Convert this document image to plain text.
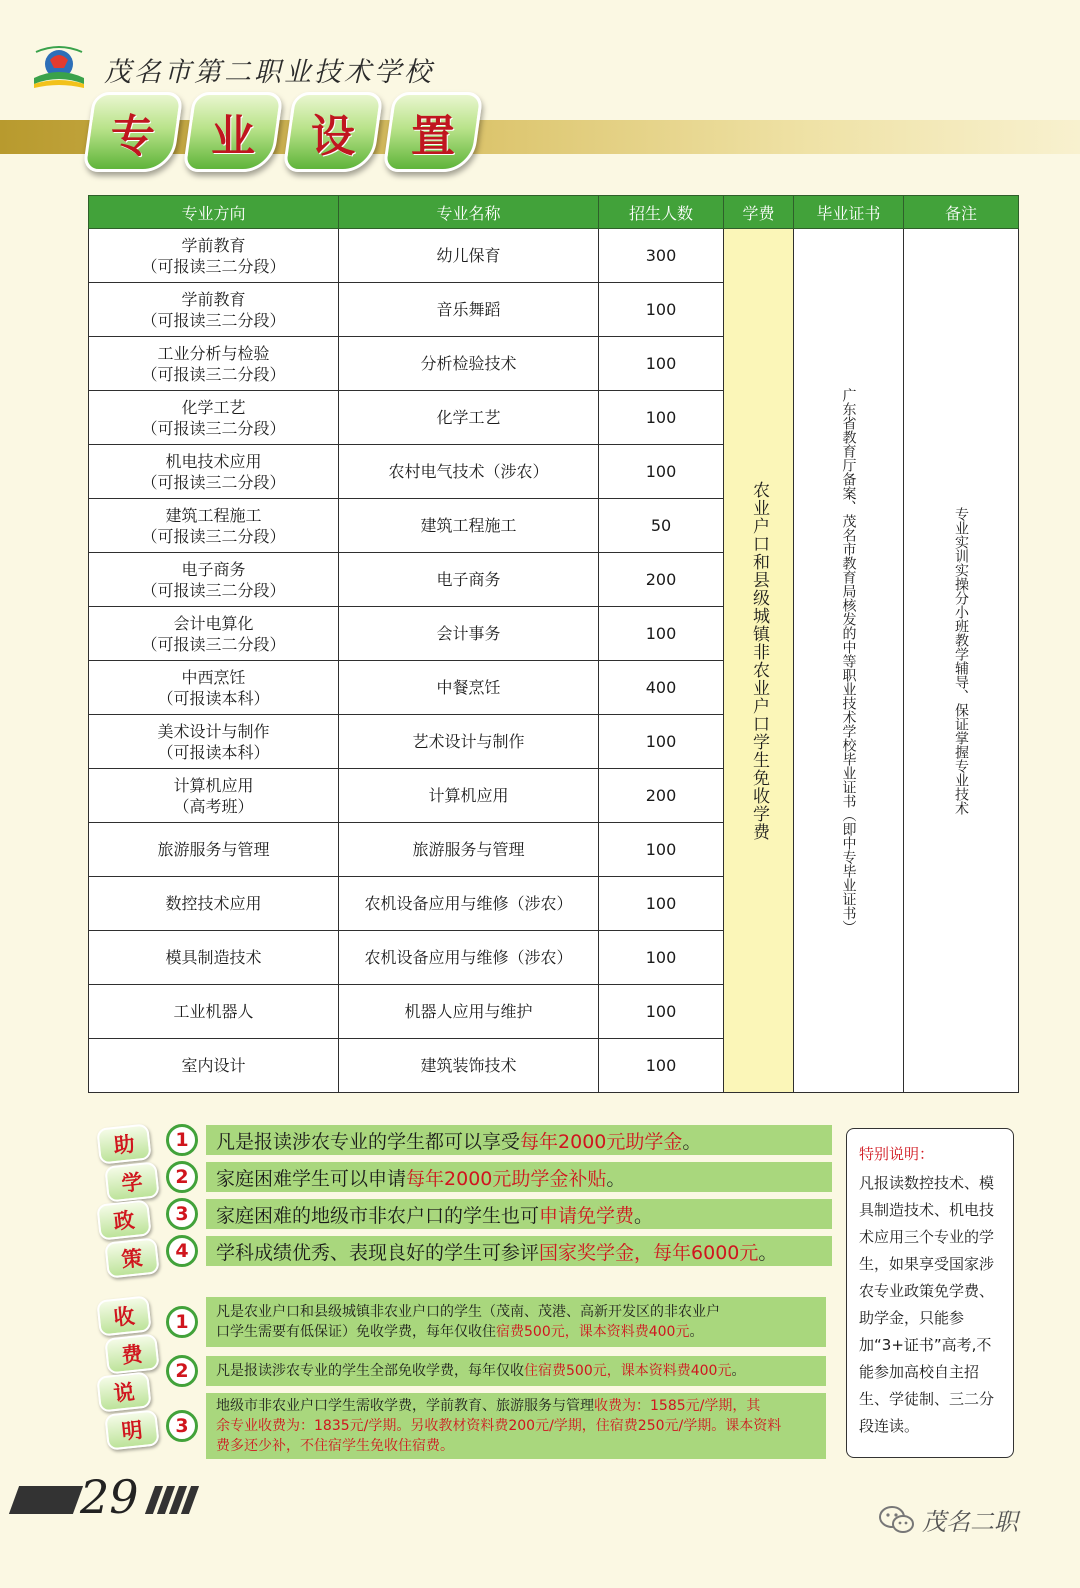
茂名市第二职业技术学校
专 业 设 置
专业方向	专业名称	招生人数	学费	毕业证书	备注

学前教育
（可报读三二分段）	幼儿保育	300	农业户口和县级城镇非农业户口学生免收学费	广东省教育厅备案、茂名市教育局核发的中等职业技术学校毕业证书（即中专毕业证书）	专业实训实操分小班教学辅导、保证掌握专业技术

学前教育
（可报读三二分段）	音乐舞蹈	100			

工业分析与检验
（可报读三二分段）	分析检验技术	100			

化学工艺
（可报读三二分段）	化学工艺	100			

机电技术应用
（可报读三二分段）	农村电气技术（涉农）	100			

建筑工程施工
（可报读三二分段）	建筑工程施工	50			

电子商务
（可报读三二分段）	电子商务	200			

会计电算化
（可报读三二分段）	会计事务	100			

中西烹饪
（可报读本科）	中餐烹饪	400			

美术设计与制作
（可报读本科）	艺术设计与制作	100			

计算机应用
（高考班）	计算机应用	200			

旅游服务与管理	旅游服务与管理	100			

数控技术应用	农机设备应用与维修（涉农）	100			

模具制造技术	农机设备应用与维修（涉农）	100			

工业机器人	机器人应用与维护	100			

室内设计	建筑装饰技术	100			
助
学
政
策
1	凡是报读涉农专业的学生都可以享受每年2000元助学金。
2	家庭困难学生可以申请每年2000元助学金补贴。
3	家庭困难的地级市非农户口的学生也可申请免学费。
4	学科成绩优秀、表现良好的学生可参评国家奖学金，每年6000元。
收
费
说
明
1	凡是农业户口和县级城镇非农业户口的学生（茂南、茂港、高新开发区的非农业户
口学生需要有低保证）免收学费，每年仅收住宿费500元，课本资料费400元。
2	凡是报读涉农专业的学生全部免收学费，每年仅收住宿费500元，课本资料费400元。
3
地级市非农业户口学生需收学费，学前教育、旅游服务与管理收费为：1585元/学期，其
余专业收费为：1835元/学期。另收教材资料费200元/学期，住宿费250元/学期。课本资料
费多还少补，不住宿学生免收住宿费。
特别说明：
凡报读数控技术、模具制造技术、机电技术应用三个专业的学生，如果享受国家涉农专业政策免学费、助学金，只能参加“3+证书”高考,不能参加高校自主招生、学徒制、三二分段连读。
29	茂名二职
